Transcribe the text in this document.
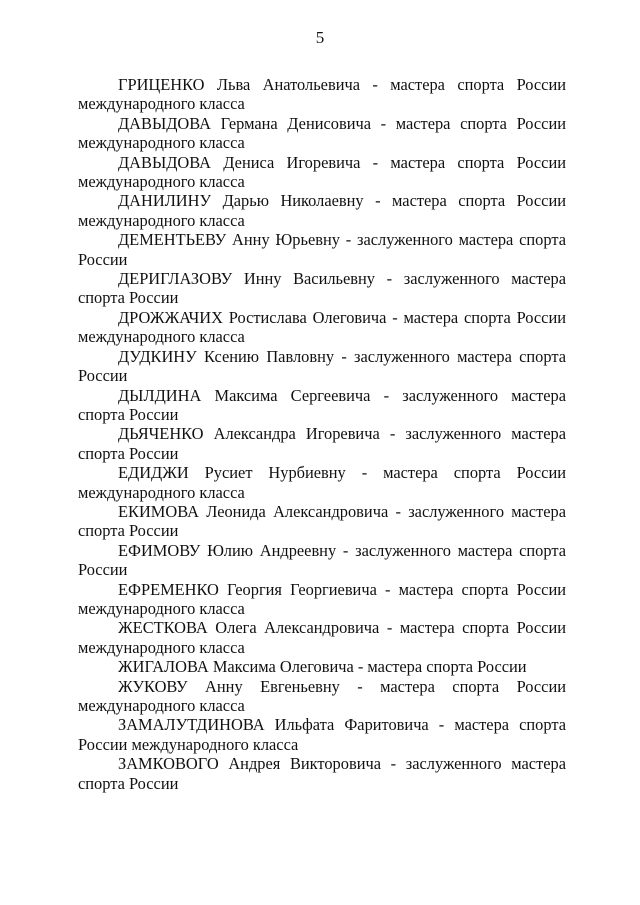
5

ГРИЦЕНКО Льва Анатольевича - мастера спорта России международного класса

ДАВЫДОВА Германа Денисовича - мастера спорта России международного класса

ДАВЫДОВА Дениса Игоревича - мастера спорта России международного класса

ДАНИЛИНУ Дарью Николаевну - мастера спорта России международного класса

ДЕМЕНТЬЕВУ Анну Юрьевну - заслуженного мастера спорта России

ДЕРИГЛАЗОВУ Инну Васильевну - заслуженного мастера спорта России

ДРОЖЖАЧИХ Ростислава Олеговича - мастера спорта России международного класса

ДУДКИНУ Ксению Павловну - заслуженного мастера спорта России

ДЫЛДИНА Максима Сергеевича - заслуженного мастера спорта России

ДЬЯЧЕНКО Александра Игоревича - заслуженного мастера спорта России

ЕДИДЖИ Русиет Нурбиевну - мастера спорта России международного класса

ЕКИМОВА Леонида Александровича - заслуженного мастера спорта России

ЕФИМОВУ Юлию Андреевну - заслуженного мастера спорта России

ЕФРЕМЕНКО Георгия Георгиевича - мастера спорта России международного класса

ЖЕСТКОВА Олега Александровича - мастера спорта России международного класса

ЖИГАЛОВА Максима Олеговича - мастера спорта России

ЖУКОВУ Анну Евгеньевну - мастера спорта России международного класса

ЗАМАЛУТДИНОВА Ильфата Фаритовича - мастера спорта России международного класса

ЗАМКОВОГО Андрея Викторовича - заслуженного мастера спорта России
